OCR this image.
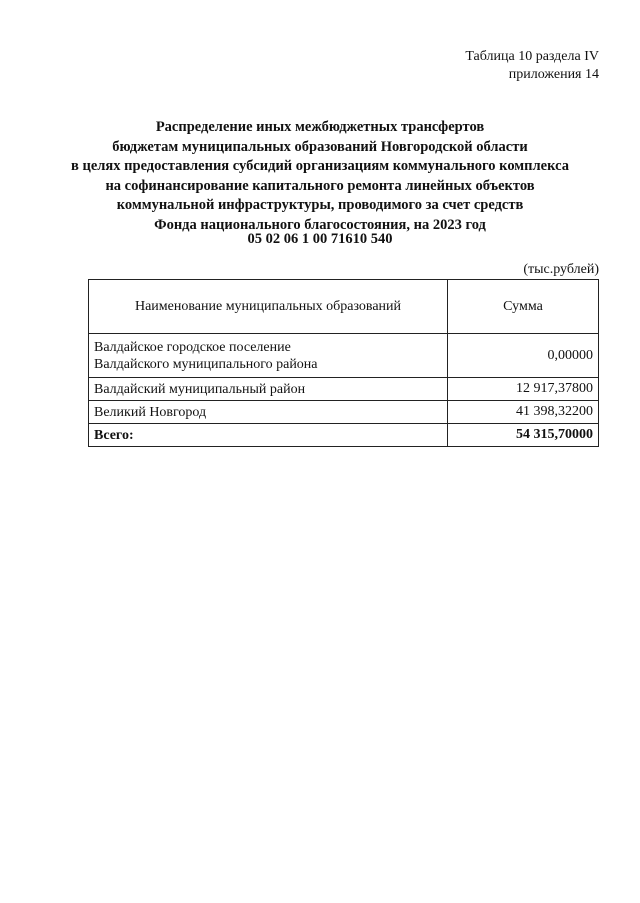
Таблица 10 раздела IV
приложения 14
Распределение иных межбюджетных трансфертов
бюджетам муниципальных образований Новгородской области
в целях предоставления субсидий организациям коммунального комплекса
на софинансирование капитального ремонта линейных объектов
коммунальной инфраструктуры, проводимого за счет средств
Фонда национального благосостояния, на 2023 год
05 02 06 1 00 71610 540
(тыс.рублей)
Наименование муниципальных образований	Сумма

Валдайское городское поселение
Валдайского муниципального района	0,00000
Валдайский муниципальный район	12 917,37800
Великий Новгород	41 398,32200
Всего:	54 315,70000
